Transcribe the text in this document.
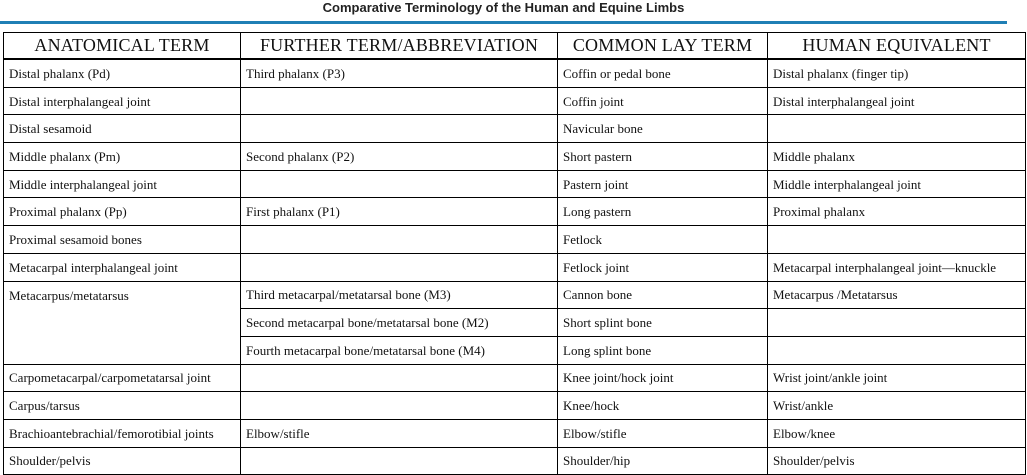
Comparative Terminology of the Human and Equine Limbs
ANATOMICAL TERM	FURTHER TERM/ABBREVIATION	COMMON LAY TERM	HUMAN EQUIVALENT
Distal phalanx (Pd)	Third phalanx (P3)	Coffin or pedal bone	Distal phalanx (finger tip)
Distal interphalangeal joint		Coffin joint	Distal interphalangeal joint
Distal sesamoid		Navicular bone	
Middle phalanx (Pm)	Second phalanx (P2)	Short pastern	Middle phalanx
Middle interphalangeal joint		Pastern joint	Middle interphalangeal joint
Proximal phalanx (Pp)	First phalanx (P1)	Long pastern	Proximal phalanx
Proximal sesamoid bones		Fetlock	
Metacarpal interphalangeal joint		Fetlock joint	Metacarpal interphalangeal joint—knuckle
Metacarpus/metatarsus	Third metacarpal/metatarsal bone (M3)	Cannon bone	Metacarpus /Metatarsus
	Second metacarpal bone/metatarsal bone (M2)	Short splint bone	
	Fourth metacarpal bone/metatarsal bone (M4)	Long splint bone	
Carpometacarpal/carpometatarsal joint		Knee joint/hock joint	Wrist joint/ankle joint
Carpus/tarsus		Knee/hock	Wrist/ankle
Brachioantebrachial/femorotibial joints	Elbow/stifle	Elbow/stifle	Elbow/knee
Shoulder/pelvis		Shoulder/hip	Shoulder/pelvis
